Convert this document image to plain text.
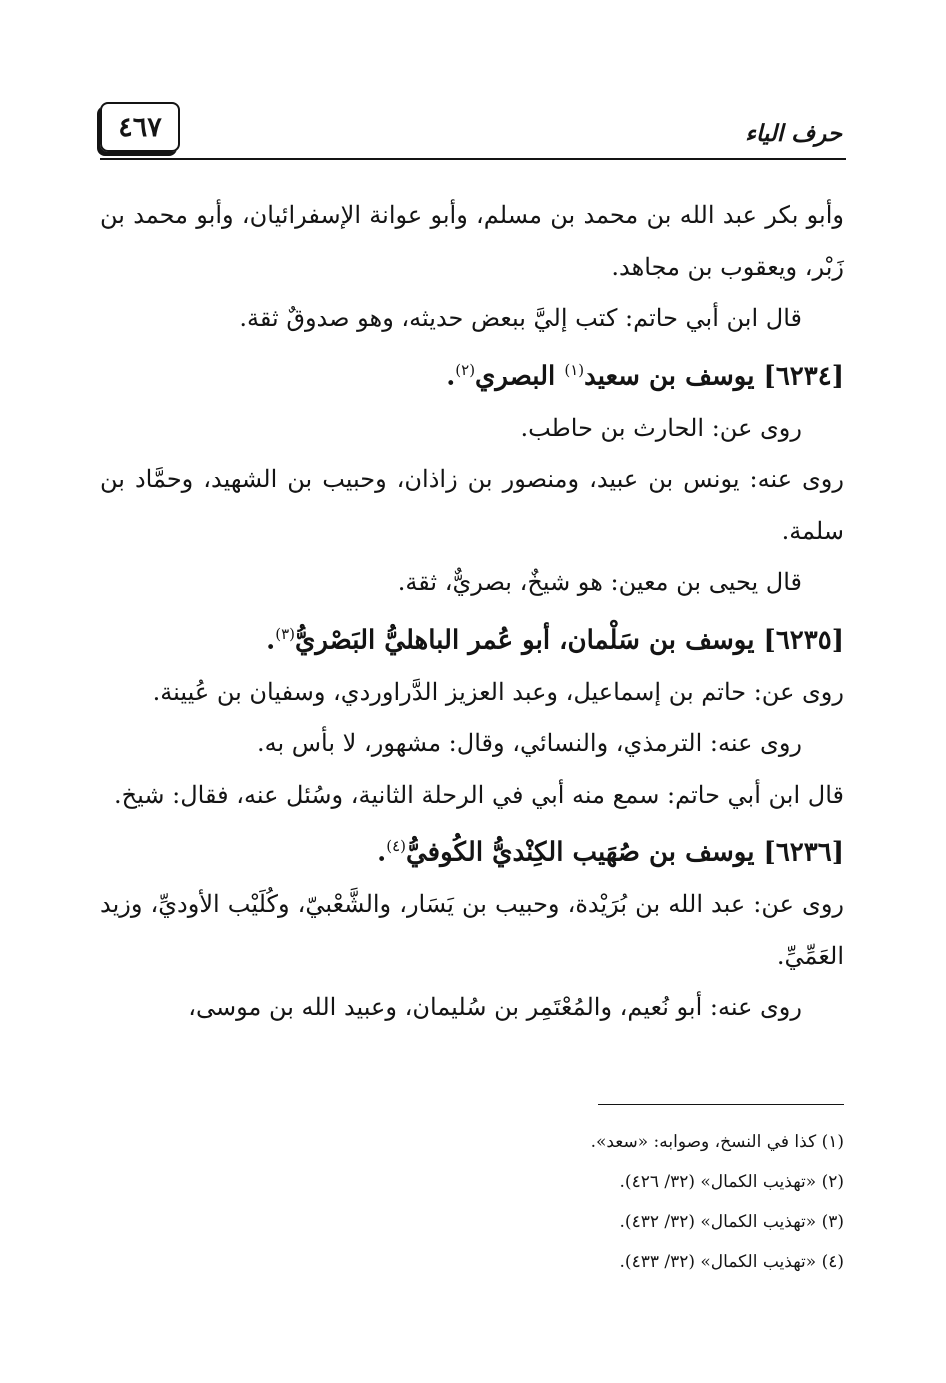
٤٦٧	حرف الياء

وأبو بكر عبد الله بن محمد بن مسلم، وأبو عوانة الإسفرائيان، وأبو محمد بن زَبْر، ويعقوب بن مجاهد.

قال ابن أبي حاتم: كتب إليَّ ببعض حديثه، وهو صدوقٌ ثقة.

[٦٢٣٤] يوسف بن سعيد$^{(١)}$ البصري$^{(٢)}$.

روى عن: الحارث بن حاطب.

روى عنه: يونس بن عبيد، ومنصور بن زاذان، وحبيب بن الشهيد، وحمَّاد بن سلمة.

قال يحيى بن معين: هو شيخٌ، بصريٌّ، ثقة.

[٦٢٣٥] يوسف بن سَلْمان، أبو عُمر الباهليُّ البَصْريُّ$^{(٣)}$.

روى عن: حاتم بن إسماعيل، وعبد العزيز الدَّراوردي، وسفيان بن عُيينة.

روى عنه: الترمذي، والنسائي، وقال: مشهور، لا بأس به.

قال ابن أبي حاتم: سمع منه أبي في الرحلة الثانية، وسُئل عنه، فقال: شيخ.

[٦٢٣٦] يوسف بن صُهَيب الكِنْديُّ الكُوفيُّ$^{(٤)}$.

روى عن: عبد الله بن بُرَيْدة، وحبيب بن يَسَار، والشَّعْبيّ، وكُلَيْب الأوديِّ، وزيد العَمِّيِّ.

روى عنه: أبو نُعيم، والمُعْتَمِر بن سُليمان، وعبيد الله بن موسى،

(١) كذا في النسخ، وصوابه: «سعد».

(٢) «تهذيب الكمال» (٣٢/ ٤٢٦).

(٣) «تهذيب الكمال» (٣٢/ ٤٣٢).

(٤) «تهذيب الكمال» (٣٢/ ٤٣٣).
